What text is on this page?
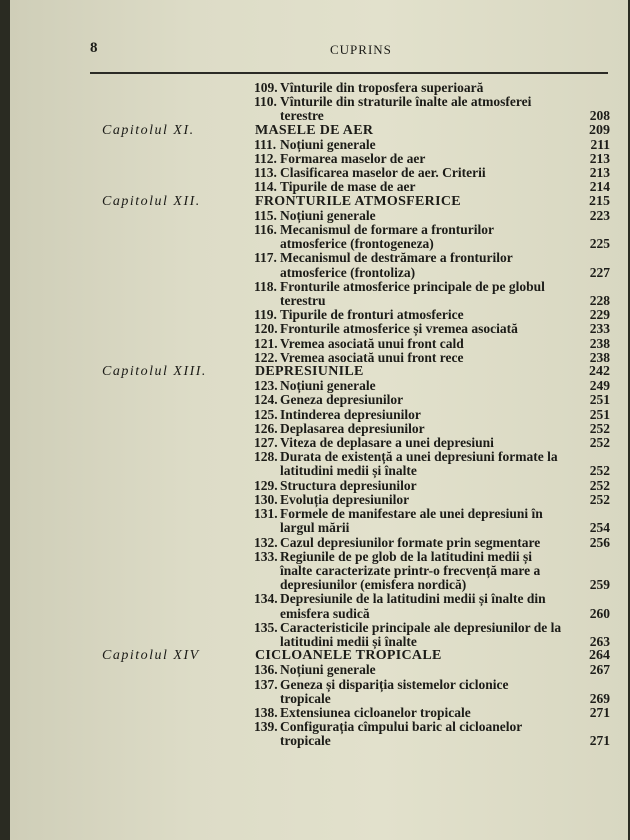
8	CUPRINS
109. Vînturile din troposfera superioară
110. Vînturile din straturile înalte ale atmosferei terestre	208
Capitolul XI.	MASELE DE AER	209
111. Noțiuni generale	211
112. Formarea maselor de aer	213
113. Clasificarea maselor de aer. Criterii	213
114. Tipurile de mase de aer	214
Capitolul XII.	FRONTURILE ATMOSFERICE	215
115. Noțiuni generale	223
116. Mecanismul de formare a fronturilor atmosferice (frontogeneza)	225
117. Mecanismul de destrămare a fronturilor atmosferice (frontoliza)	227
118. Fronturile atmosferice principale de pe globul terestru	228
119. Tipurile de fronturi atmosferice	229
120. Fronturile atmosferice și vremea asociată	233
121. Vremea asociată unui front cald	238
122. Vremea asociată unui front rece	238
Capitolul XIII.	DEPRESIUNILE	242
123. Noțiuni generale	249
124. Geneza depresiunilor	251
125. Intinderea depresiunilor	251
126. Deplasarea depresiunilor	252
127. Viteza de deplasare a unei depresiuni	252
128. Durata de existență a unei depresiuni formate la latitudini medii și înalte	252
129. Structura depresiunilor	252
130. Evoluția depresiunilor	252
131. Formele de manifestare ale unei depresiuni în largul mării	254
132. Cazul depresiunilor formate prin segmentare	256
133. Regiunile de pe glob de la latitudini medii și înalte caracterizate printr-o frecvență mare a depresiunilor (emisfera nordică)	259
134. Depresiunile de la latitudini medii și înalte din emisfera sudică	260
135. Caracteristicile principale ale depresiunilor de la latitudini medii și înalte	263
Capitolul XIV	CICLOANELE TROPICALE	264
136. Noțiuni generale	267
137. Geneza și dispariția sistemelor ciclonice tropicale	269
138. Extensiunea cicloanelor tropicale	271
139. Configurația cîmpului baric al cicloanelor tropicale	271
